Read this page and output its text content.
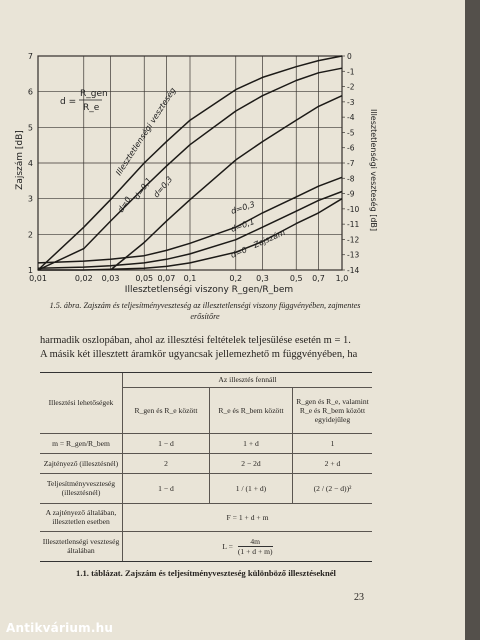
0,01	0,02 0,03 0,05 0,07 0,1	0,2 0,3	0,5 0,7 1,0
1
2
3
4
5
6
7	0
-1
-2
-3
-4
-5
-6
-7
-8
-9
-10
-11
-12
-13
-14
Zajszám [dB]	Illesztetlenségi veszteség [dB]
Illesztetlenségi viszony R_gen/R_bem
d =
R_gen
R_e Illesztetlenségi veszteség
d=0
d=0,1
d=0,3
d=0,3
d=0,1
d=0
Zajszám
1.5. ábra. Zajszám és teljesítményveszteség az illesztetlenségi viszony függvényében, zajmentes erősítőre
harmadik oszlopában, ahol az illesztési feltételek teljesülése esetén m = 1.
A másik két illesztett áramkör ugyancsak jellemezhető m függvényében, ha
Illesztési lehetőségek	Az illesztés fennáll		
	R_gen és R_e között	R_e és R_bem között	R_gen és R_e, valamint R_e és R_bem között egyidejűleg
m = R_gen/R_bem	1 − d	1 + d	1
Zajtényező (illesztésnél)	2	2 − 2d	2 + d
Teljesítményveszteség (illesztésnél)	1 − d	1 / (1 + d)	(2 / (2 − d))²
A zajtényező általában, illesztetlen esetben	F = 1 + d + m		
Illesztetlenségi veszteség általában	$L = \frac{4m}{(1 + d + m)}$
1.1. táblázat. Zajszám és teljesítményveszteség különböző illesztéseknél
23
Antikvárium.hu
